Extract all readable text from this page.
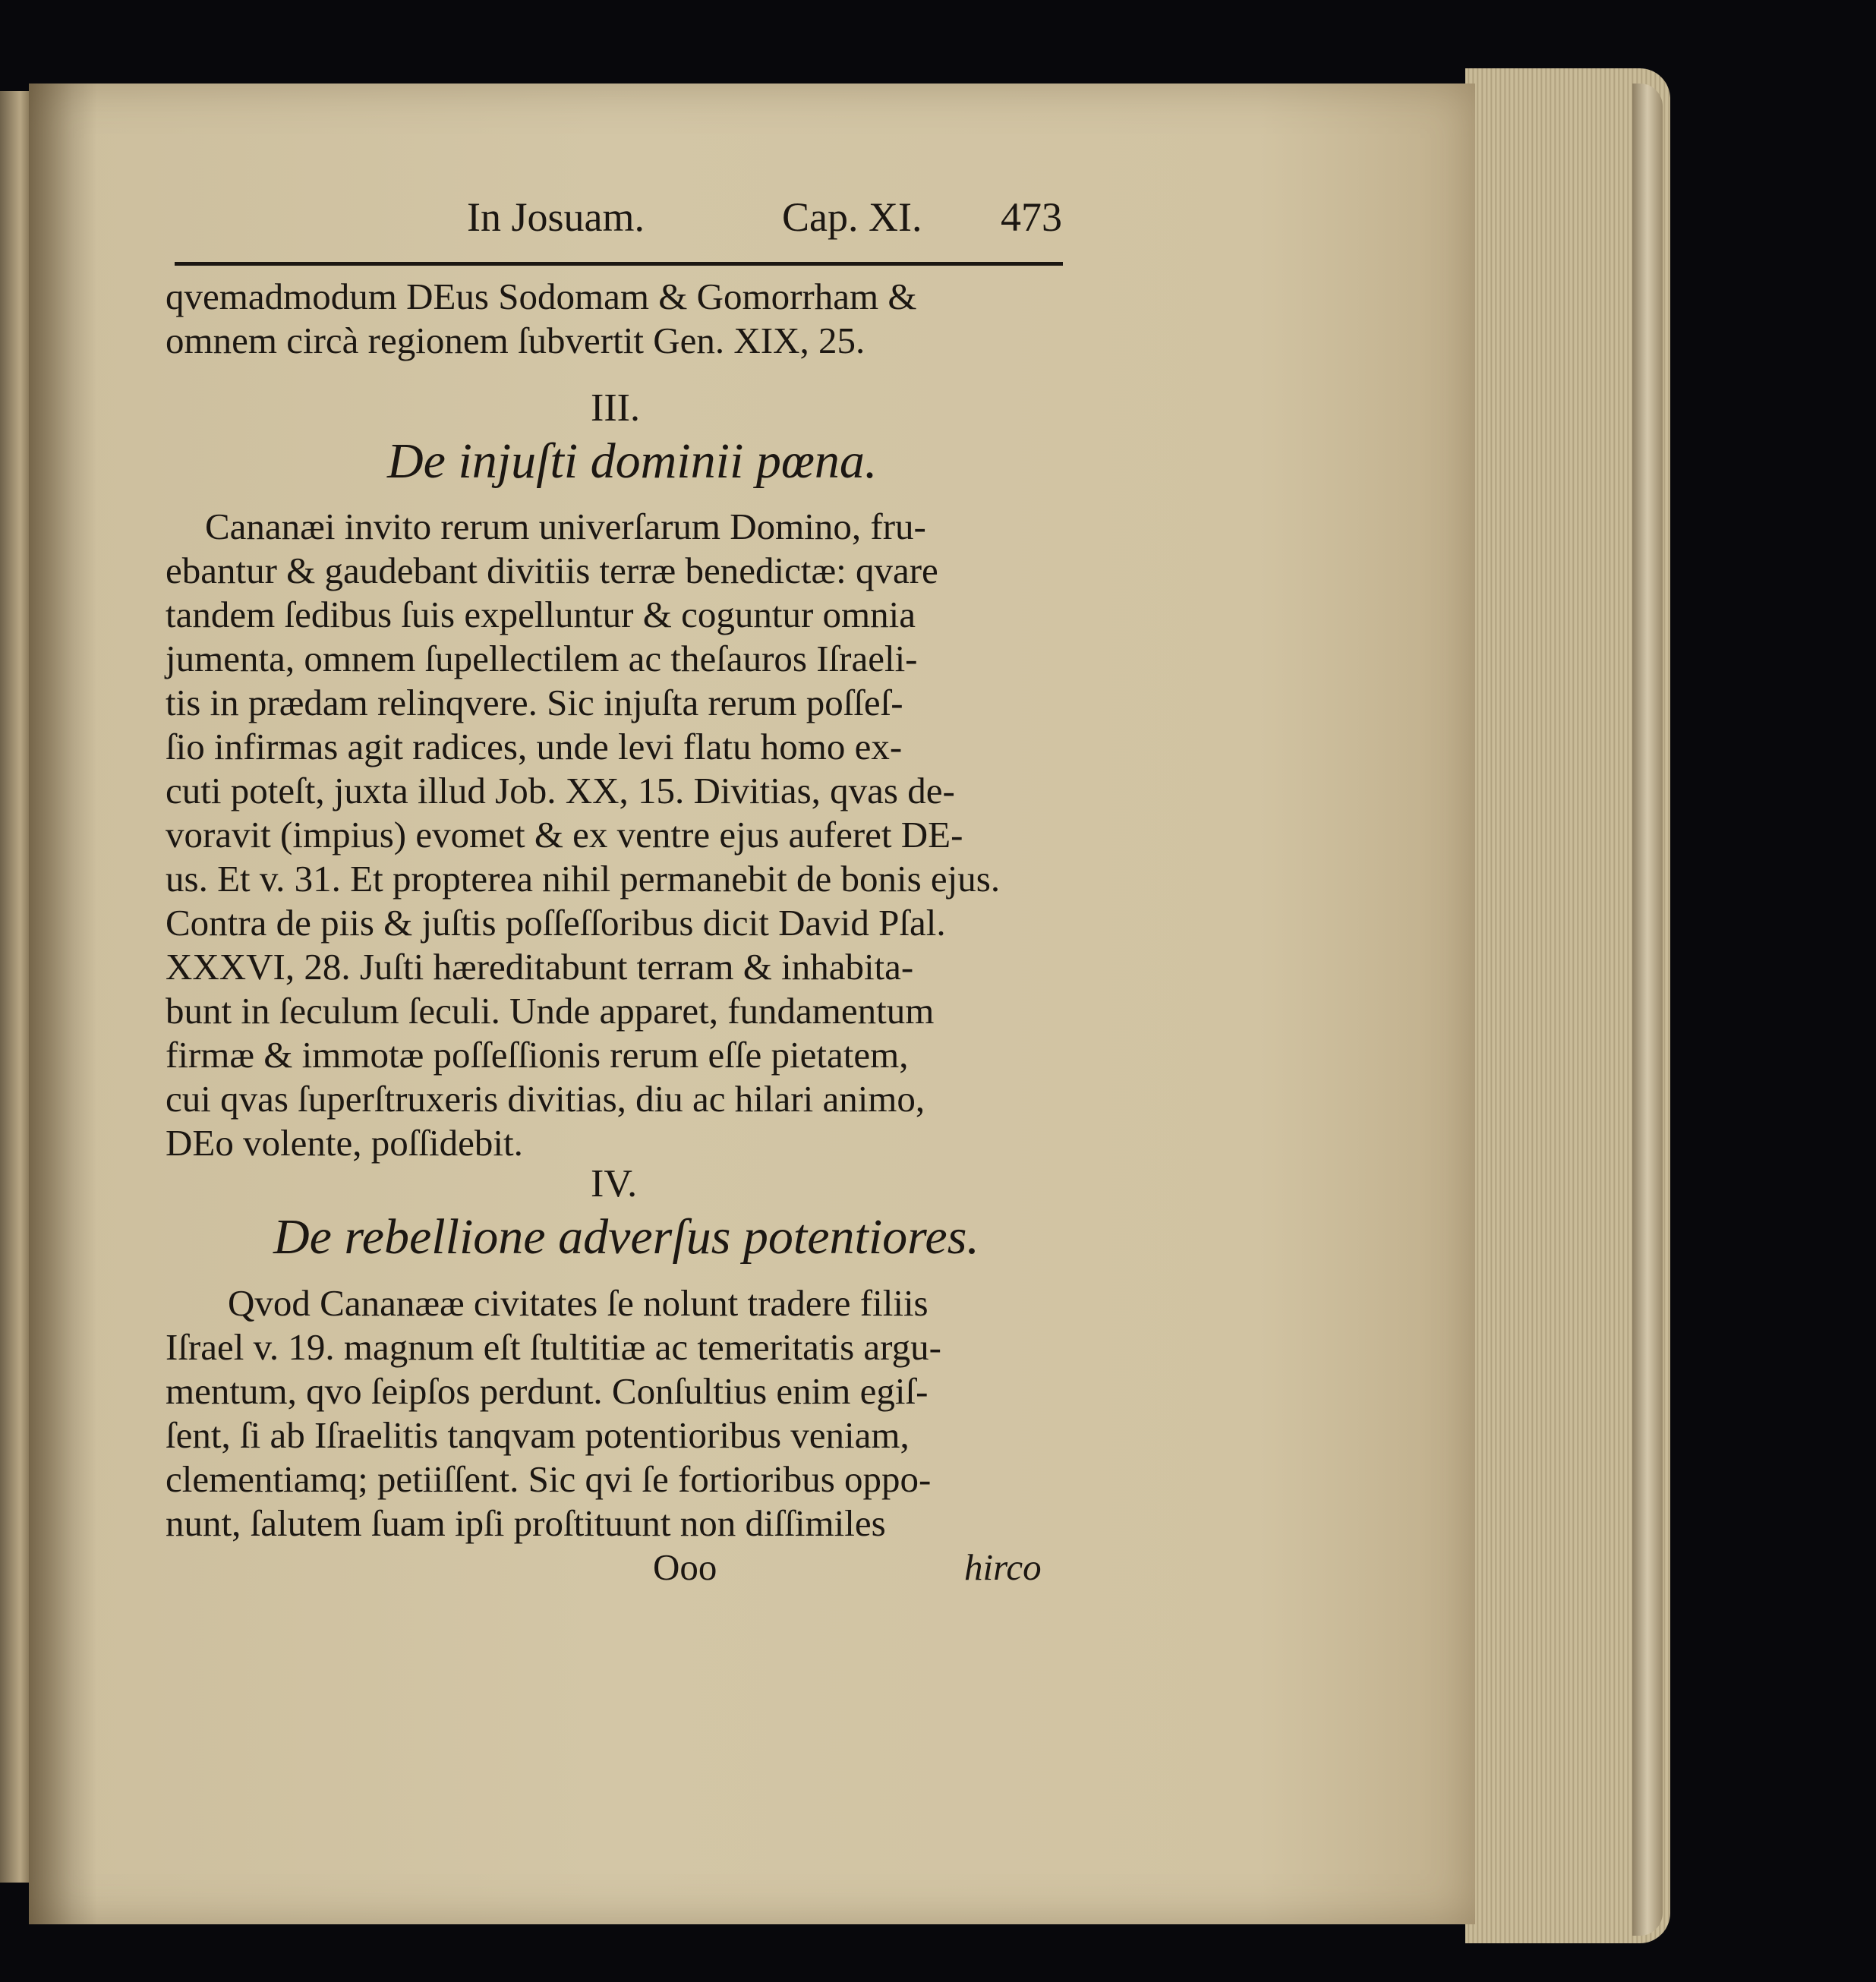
In Josuam.	Cap. XI. 473
qvemadmodum DEus Sodomam & Gomorrham &
omnem circà regionem ſubvertit Gen. XIX, 25.
III.
De injuſti dominii pœna.
Cananæi invito rerum univerſarum Domino, fru-
ebantur & gaudebant divitiis terræ benedictæ: qvare
tandem ſedibus ſuis expelluntur & coguntur omnia
jumenta, omnem ſupellectilem ac theſauros Iſraeli-
tis in prædam relinqvere. Sic injuſta rerum poſſeſ-
ſio infirmas agit radices, unde levi flatu homo ex-
cuti poteſt, juxta illud Job. XX, 15. Divitias, qvas de-
voravit (impius) evomet & ex ventre ejus auferet DE-
us. Et v. 31. Et propterea nihil permanebit de bonis ejus.
Contra de piis & juſtis poſſeſſoribus dicit David Pſal.
XXXVI, 28. Juſti hæreditabunt terram & inhabita-
bunt in ſeculum ſeculi. Unde apparet, fundamentum
firmæ & immotæ poſſeſſionis rerum eſſe pietatem,
cui qvas ſuperſtruxeris divitias, diu ac hilari animo,
DEo volente, poſſidebit.
IV.
De rebellione adverſus potentiores.
Qvod Cananææ civitates ſe nolunt tradere filiis
Iſrael v. 19. magnum eſt ſtultitiæ ac temeritatis argu-
mentum, qvo ſeipſos perdunt. Conſultius enim egiſ-
ſent, ſi ab Iſraelitis tanqvam potentioribus veniam,
clementiamq; petiiſſent. Sic qvi ſe fortioribus oppo-
nunt, ſalutem ſuam ipſi proſtituunt non diſſimiles
Ooo	hirco
